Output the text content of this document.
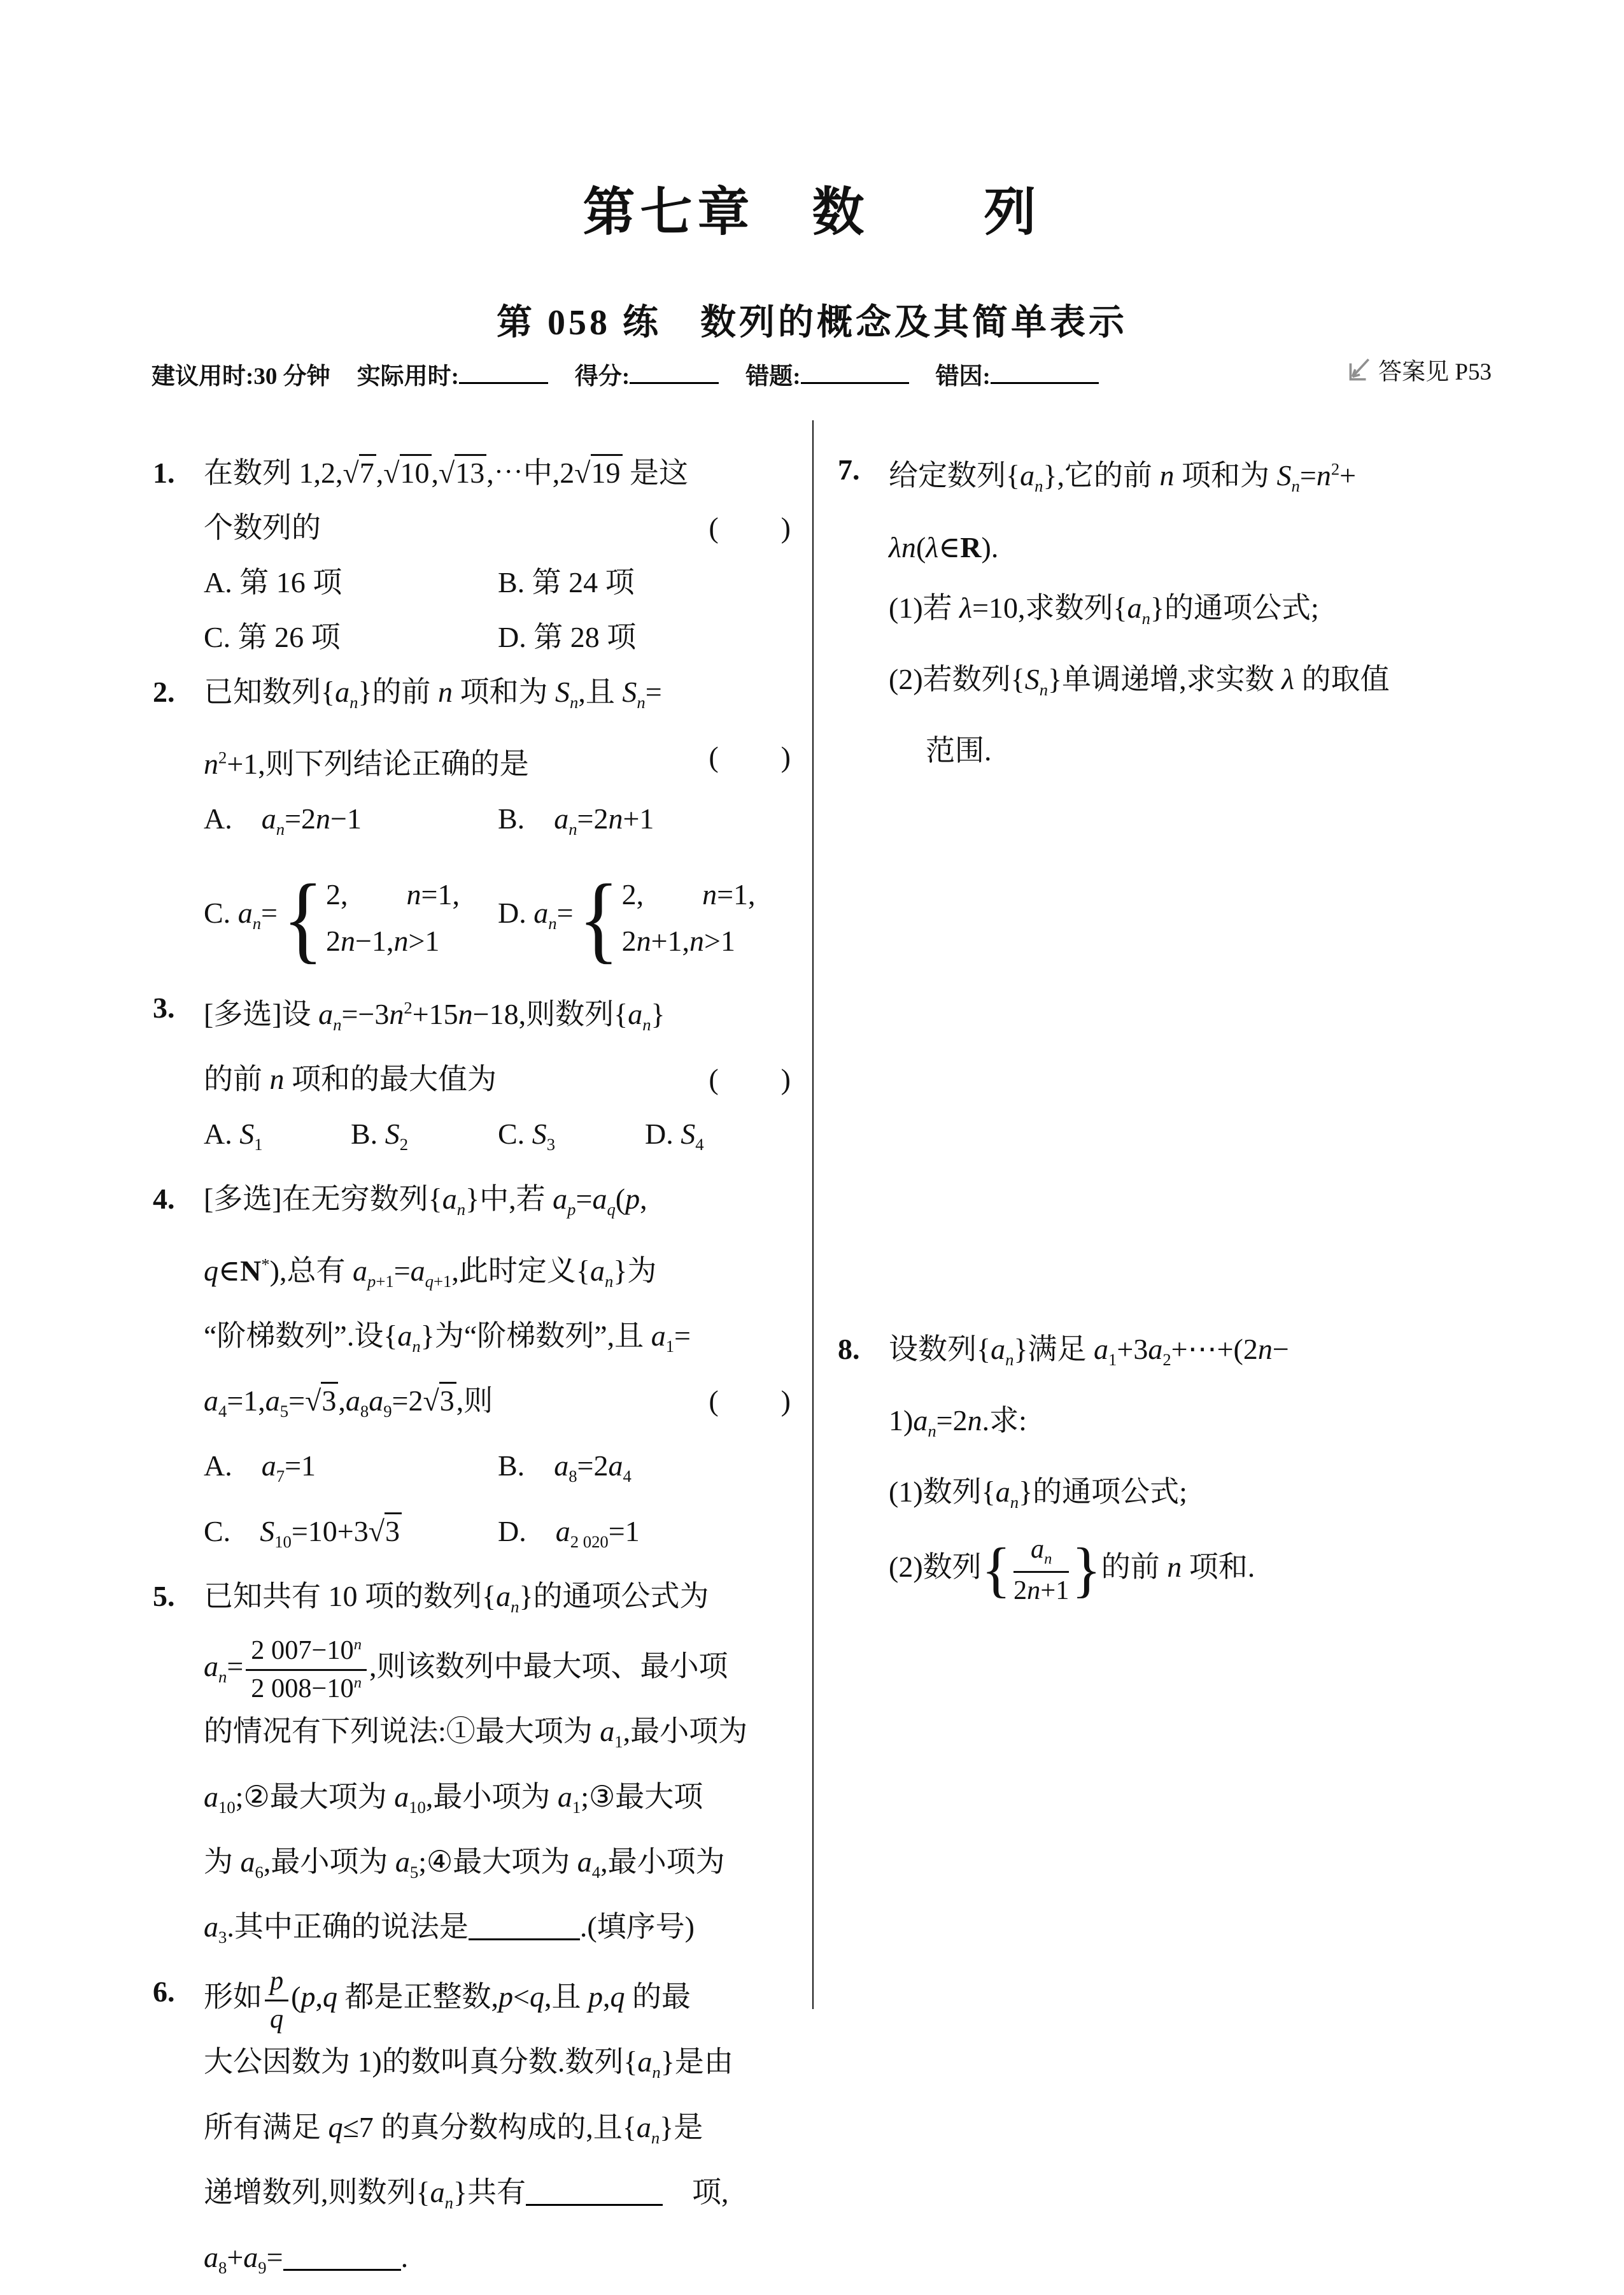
第七章　数　　列
第 058 练　数列的概念及其简单表示
建议用时:30 分钟 实际用时:	得分:	错题:	错因:	答案见 P53
1. 在数列 1,2,√7,√10,√13,⋯中,2√19 是这
个数列的	(　　)
A. 第 16 项	B. 第 24 项
C. 第 26 项	D. 第 28 项
2. 已知数列$\{a_n\}$的前 n 项和为 $S_n$,且 $S_n=$
$n^2+1$,则下列结论正确的是	(　　)
A.　$a_n=2n-1$	B.　$a_n=2n+1$
C. $a_n=$ { 2,　　n=1,
2n−1,n>1
D. $a_n=$ { 2,　　n=1,
2n+1,n>1
3. [多选]设 $a_n=-3n^2+15n-18$,则数列$\{a_n\}$
的前 n 项和的最大值为	(　　)
A. $S_1$	B. $S_2$	C. $S_3$	D. $S_4$
4. [多选]在无穷数列$\{a_n\}$中,若 $a_p=a_q(p$,
q∈N*),总有 $a_{p+1}=a_{q+1}$,此时定义$\{a_n\}$为
“阶梯数列”.设$\{a_n\}$为“阶梯数列”,且 $a_1=$
$a_4=1,a_5=√3,a_8a_9=2√3$,则	(　　)
A.　$a_7=1$	B.　$a_8=2a_4$
C.　$S_{10}=10+3√3$	D.　$a_{2 020}=1$
5. 已知共有 10 项的数列$\{a_n\}$的通项公式为
$a_n= \frac{2 007-10^n}{2 008-10^n}$ ,则该数列中最大项、最小项
的情况有下列说法:①最大项为 $a_1$,最小项为
$a_{10};②$最大项为 $a_{10}$,最小项为 $a_1;③$最大项
为 $a_6$,最小项为 $a_5;④$最大项为 $a_4$,最小项为
$a_3$.其中正确的说法是	.(填序号)
6. 形如 $\frac{p}{q} (p,q$ 都是正整数,p<q,且 p,q 的最
大公因数为 1)的数叫真分数.数列$\{a_n\}$是由
所有满足 q≤7 的真分数构成的,且$\{a_n\}$是
递增数列,则数列$\{a_n\}$共有	　项,
$a_8+a_9=$	.
7. 给定数列$\{a_n\}$,它的前 n 项和为 $S_n=n^2+$
λn(λ∈R).
(1)若 λ=10,求数列$\{a_n\}$的通项公式;
(2)若数列$\{S_n\}$单调递增,求实数 λ 的取值
范围.
8. 设数列$\{a_n\}$满足 $a_1+3a_2+\cdots+(2n-$
$1)a_n=2n$.求:
(1)数列$\{a_n\}$的通项公式;
(2)数列{ $\frac{a_n}{2n+1}$ }的前 n 项和.
